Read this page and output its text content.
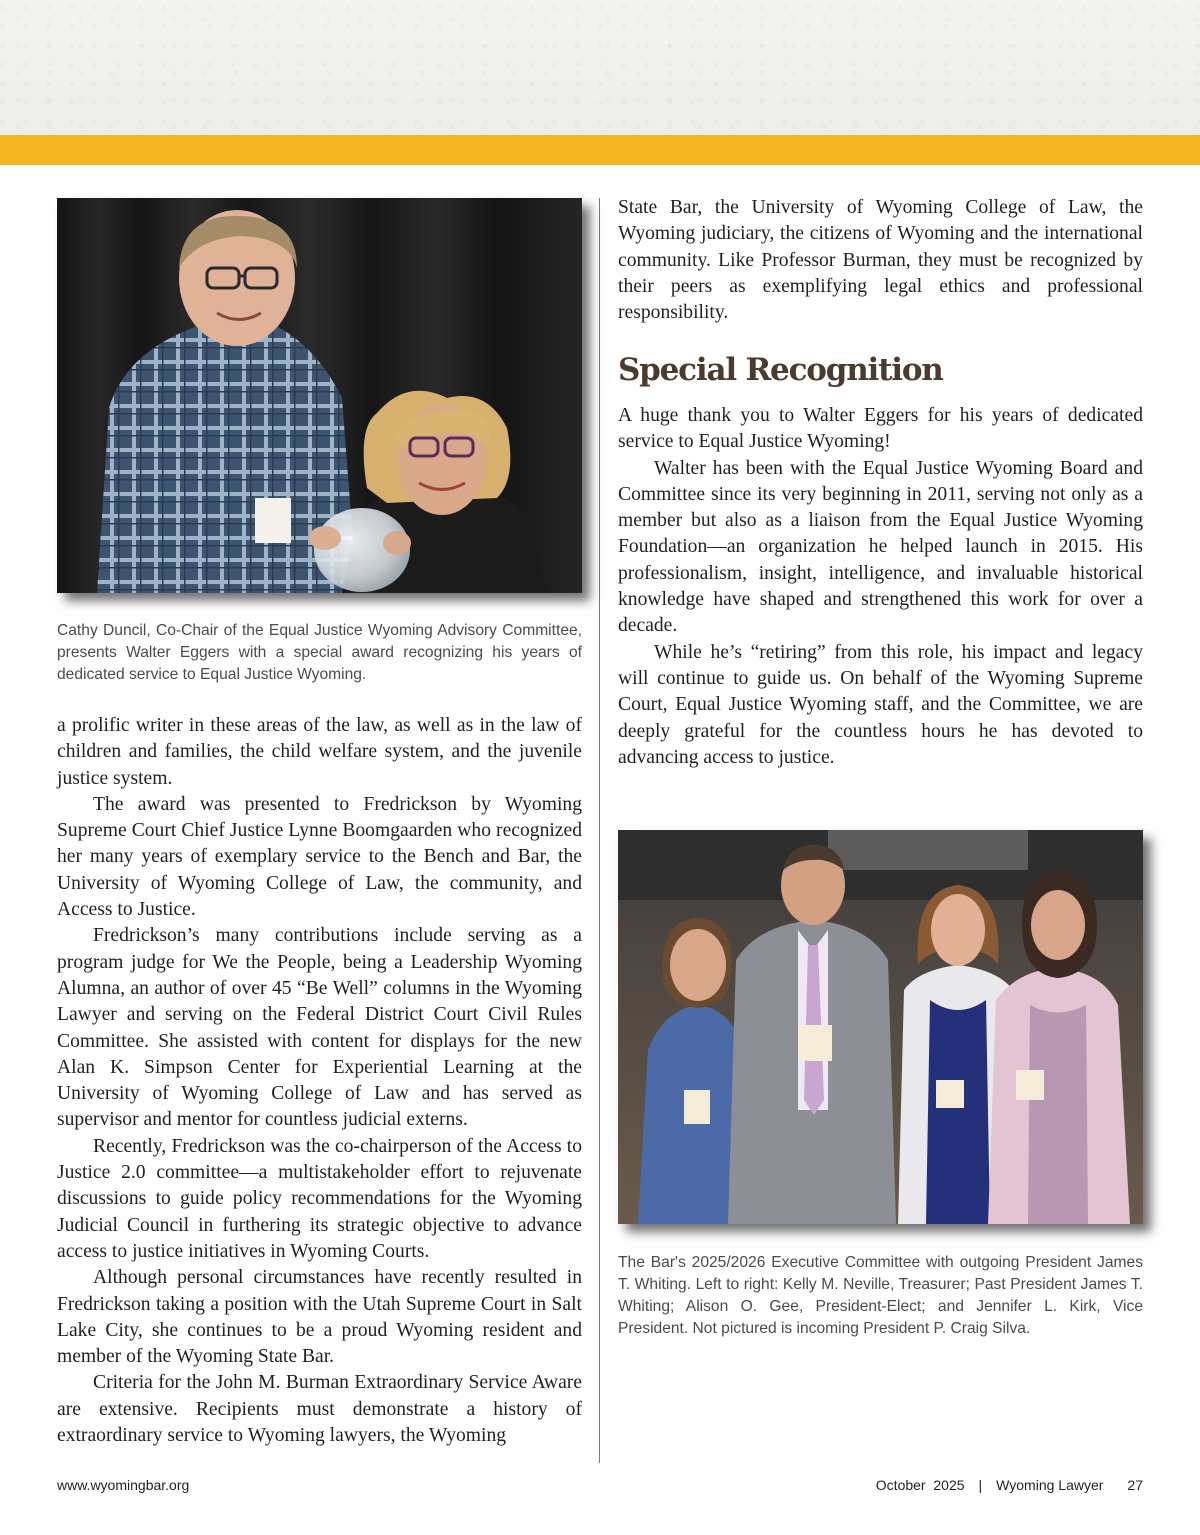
Cathy Duncil, Co-Chair of the Equal Justice Wyoming Advisory Committee, presents Walter Eggers with a special award recognizing his years of dedicated service to Equal Justice Wyoming.

a prolific writer in these areas of the law, as well as in the law of children and families, the child welfare system, and the juvenile justice system.

The award was presented to Fredrickson by Wyoming Supreme Court Chief Justice Lynne Boomgaarden who recognized her many years of exemplary service to the Bench and Bar, the University of Wyoming College of Law, the community, and Access to Justice.

Fredrickson’s many contributions include serving as a program judge for We the People, being a Leadership Wyoming Alumna, an author of over 45 “Be Well” columns in the Wyoming Lawyer and serving on the Federal District Court Civil Rules Committee. She assisted with content for displays for the new Alan K. Simpson Center for Experiential Learning at the University of Wyoming College of Law and has served as supervisor and mentor for countless judicial externs.

Recently, Fredrickson was the co-chairperson of the Access to Justice 2.0 committee—a multistakeholder effort to rejuvenate discussions to guide policy recommendations for the Wyoming Judicial Council in furthering its strategic objective to advance access to justice initiatives in Wyoming Courts.

Although personal circumstances have recently resulted in Fredrickson taking a position with the Utah Supreme Court in Salt Lake City, she continues to be a proud Wyoming resident and member of the Wyoming State Bar.

Criteria for the John M. Burman Extraordinary Service Aware are extensive. Recipients must demonstrate a history of extraordinary service to Wyoming lawyers, the Wyoming

State Bar, the University of Wyoming College of Law, the Wyoming judiciary, the citizens of Wyoming and the international community. Like Professor Burman, they must be recognized by their peers as exemplifying legal ethics and professional responsibility.

Special Recognition

A huge thank you to Walter Eggers for his years of dedicated service to Equal Justice Wyoming!

Walter has been with the Equal Justice Wyoming Board and Committee since its very beginning in 2011, serving not only as a member but also as a liaison from the Equal Justice Wyoming Foundation—an organization he helped launch in 2015. His professionalism, insight, intelligence, and invaluable historical knowledge have shaped and strengthened this work for over a decade.

While he’s “retiring” from this role, his impact and legacy will continue to guide us. On behalf of the Wyoming Supreme Court, Equal Justice Wyoming staff, and the Committee, we are deeply grateful for the countless hours he has devoted to advancing access to justice.

The Bar's 2025/2026 Executive Committee with outgoing President James T. Whiting. Left to right: Kelly M. Neville, Treasurer; Past President James T. Whiting; Alison O. Gee, President-Elect; and Jennifer L. Kirk, Vice President. Not pictured is incoming President P. Craig Silva.

www.wyomingbar.org	October  2025 | Wyoming Lawyer 27
